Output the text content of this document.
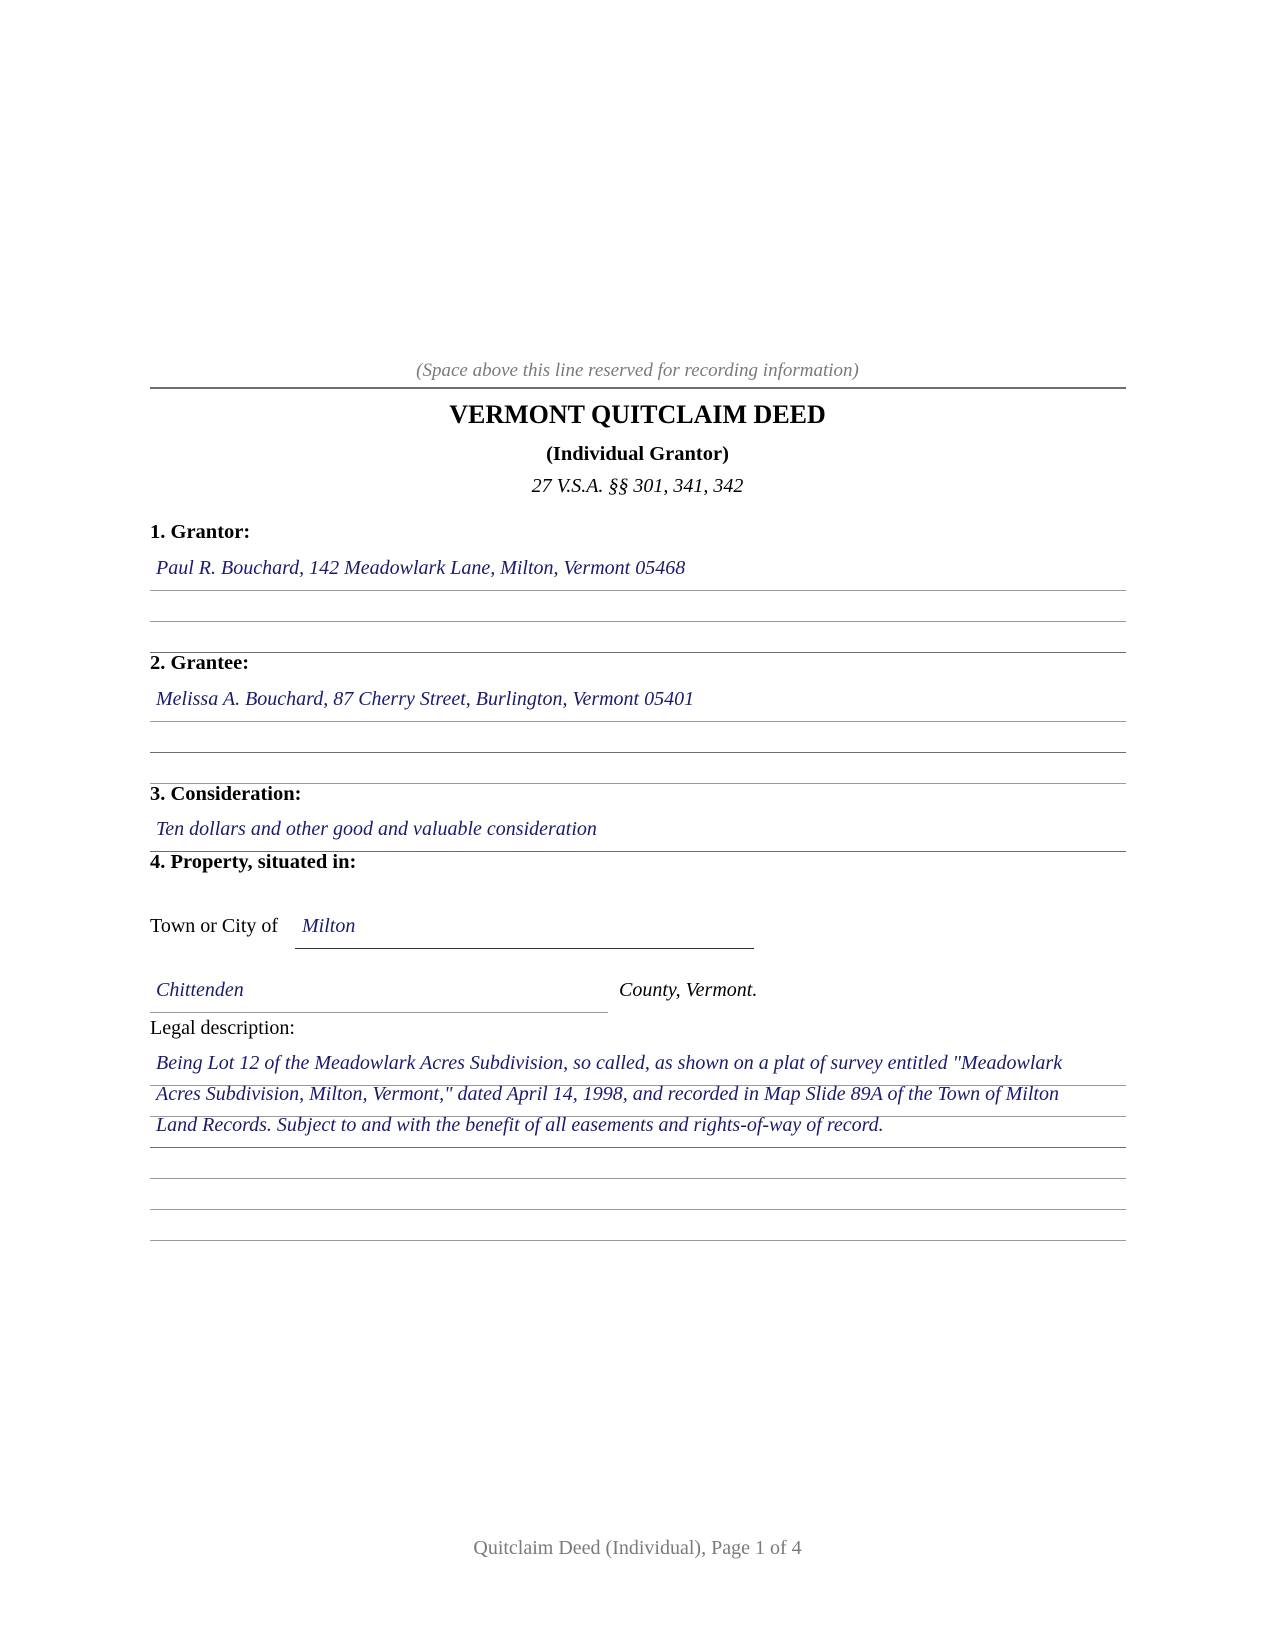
(Space above this line reserved for recording information)
VERMONT QUITCLAIM DEED
(Individual Grantor)
27 V.S.A. §§ 301, 341, 342
1. Grantor:
Paul R. Bouchard, 142 Meadowlark Lane, Milton, Vermont 05468
2. Grantee:
Melissa A. Bouchard, 87 Cherry Street, Burlington, Vermont 05401
3. Consideration:
Ten dollars and other good and valuable consideration
4. Property, situated in:
Town or City of Milton
Chittenden	County, Vermont.
Legal description:
Being Lot 12 of the Meadowlark Acres Subdivision, so called, as shown on a plat of survey entitled "Meadowlark
Acres Subdivision, Milton, Vermont," dated April 14, 1998, and recorded in Map Slide 89A of the Town of Milton
Land Records. Subject to and with the benefit of all easements and rights-of-way of record.
Quitclaim Deed (Individual), Page 1 of 4
